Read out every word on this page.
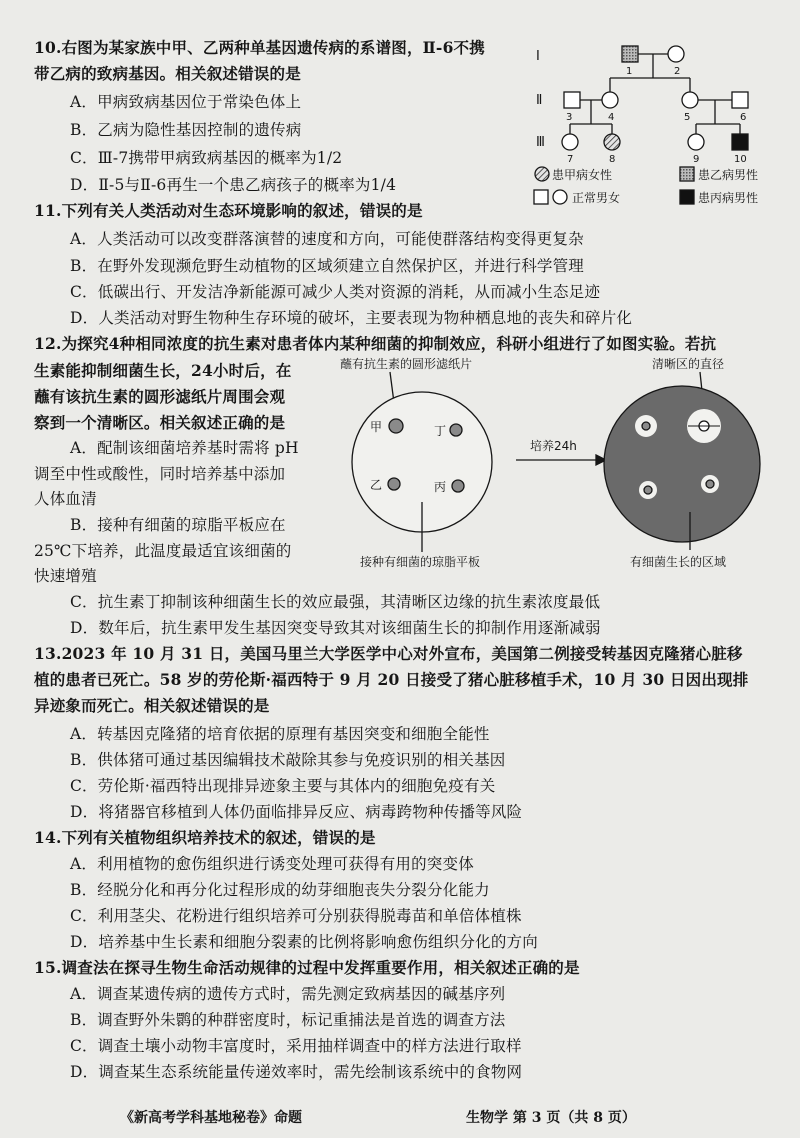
10.右图为某家族中甲、乙两种单基因遗传病的系谱图，Ⅱ-6不携
带乙病的致病基因。相关叙述错误的是
A．甲病致病基因位于常染色体上
B．乙病为隐性基因控制的遗传病
C．Ⅲ-7携带甲病致病基因的概率为1/2
D．Ⅱ-5与Ⅱ-6再生一个患乙病孩子的概率为1/4
I
1	2
Ⅱ
3	4	5	6
Ⅲ
7	8	9	10
患甲病女性	患乙病男性
正常男女	患丙病男性
11.下列有关人类活动对生态环境影响的叙述，错误的是
A．人类活动可以改变群落演替的速度和方向，可能使群落结构变得更复杂
B．在野外发现濒危野生动植物的区域须建立自然保护区，并进行科学管理
C．低碳出行、开发洁净新能源可减少人类对资源的消耗，从而减小生态足迹
D．人类活动对野生物种生存环境的破坏，主要表现为物种栖息地的丧失和碎片化
12.为探究4种相同浓度的抗生素对患者体内某种细菌的抑制效应，科研小组进行了如图实验。若抗
生素能抑制细菌生长，24小时后，在
蘸有该抗生素的圆形滤纸片周围会观
察到一个清晰区。相关叙述正确的是
A．配制该细菌培养基时需将 pH
调至中性或酸性，同时培养基中添加
人体血清
B．接种有细菌的琼脂平板应在
25℃下培养，此温度最适宜该细菌的
快速增殖
C．抗生素丁抑制该种细菌生长的效应最强，其清晰区边缘的抗生素浓度最低
D．数年后，抗生素甲发生基因突变导致其对该细菌生长的抑制作用逐渐减弱
蘸有抗生素的圆形滤纸片
甲	丁
乙	丙
接种有细菌的琼脂平板
培养24h
清晰区的直径
有细菌生长的区域
13.2023 年 10 月 31 日，美国马里兰大学医学中心对外宣布，美国第二例接受转基因克隆猪心脏移
植的患者已死亡。58 岁的劳伦斯·福西特于 9 月 20 日接受了猪心脏移植手术，10 月 30 日因出现排
异迹象而死亡。相关叙述错误的是
A．转基因克隆猪的培育依据的原理有基因突变和细胞全能性
B．供体猪可通过基因编辑技术敲除其参与免疫识别的相关基因
C．劳伦斯·福西特出现排异迹象主要与其体内的细胞免疫有关
D．将猪器官移植到人体仍面临排异反应、病毒跨物种传播等风险
14.下列有关植物组织培养技术的叙述，错误的是
A．利用植物的愈伤组织进行诱变处理可获得有用的突变体
B．经脱分化和再分化过程形成的幼芽细胞丧失分裂分化能力
C．利用茎尖、花粉进行组织培养可分别获得脱毒苗和单倍体植株
D．培养基中生长素和细胞分裂素的比例将影响愈伤组织分化的方向
15.调查法在探寻生物生命活动规律的过程中发挥重要作用，相关叙述正确的是
A．调查某遗传病的遗传方式时，需先测定致病基因的碱基序列
B．调查野外朱鹮的种群密度时，标记重捕法是首选的调查方法
C．调查土壤小动物丰富度时，采用抽样调查中的样方法进行取样
D．调查某生态系统能量传递效率时，需先绘制该系统中的食物网
《新高考学科基地秘卷》命题	生物学 第 3 页（共 8 页）
